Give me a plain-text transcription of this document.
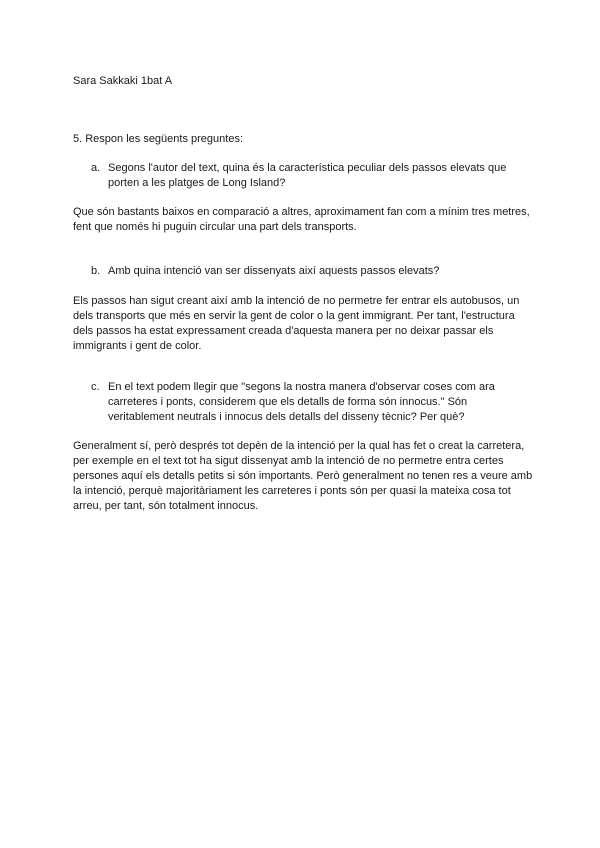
Sara Sakkaki 1bat A

5. Respon les següents preguntes:

a. Segons l'autor del text, quina és la característica peculiar dels passos elevats que porten a les platges de Long Island?

Que són bastants baixos en comparació a altres, aproximament fan com a mínim tres metres, fent que només hi puguin circular una part dels transports.

b. Amb quina intenció van ser dissenyats així aquests passos elevats?

Els passos han sigut creant així amb la intenció de no permetre fer entrar els autobusos, un dels transports que més en servir la gent de color o la gent immigrant. Per tant, l'estructura dels passos ha estat expressament creada d'aquesta manera per no deixar passar els immigrants i gent de color.

c. En el text podem llegir que "segons la nostra manera d'observar coses com ara carreteres i ponts, considerem que els detalls de forma són innocus." Són veritablement neutrals i innocus dels detalls del disseny tècnic? Per què?

Generalment sí, però després tot depèn de la intenció per la qual has fet o creat la carretera, per exemple en el text tot ha sigut dissenyat amb la intenció de no permetre entra certes persones aquí els detalls petits si són importants. Però generalment no tenen res a veure amb la intenció, perquè majoritàriament les carreteres i ponts són per quasi la mateixa cosa tot arreu, per tant, són totalment innocus.
